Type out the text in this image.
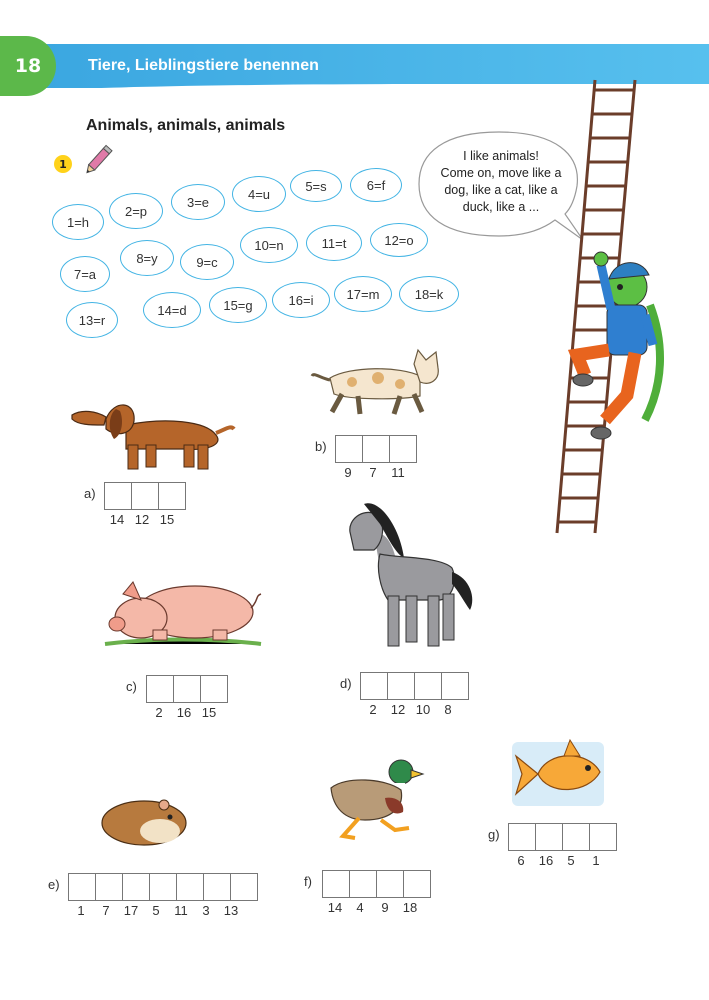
18	Tiere, Lieblingstiere benennen
Animals, animals, animals
1
1=h
2=p
3=e
4=u
5=s	6=f
7=a
8=y	9=c
10=n	11=t	12=o
13=r
14=d	15=g	16=i	17=m	18=k
I like animals!
Come on, move like a
dog, like a cat, like a
duck, like a ...
a)
14 12 15
b)
9	7	11
c)
2	16 15
d)
2	12 10	8
e)
1	7	17	5	11	3	13
f)
14	4	9	18
g)
6	16	5	1
